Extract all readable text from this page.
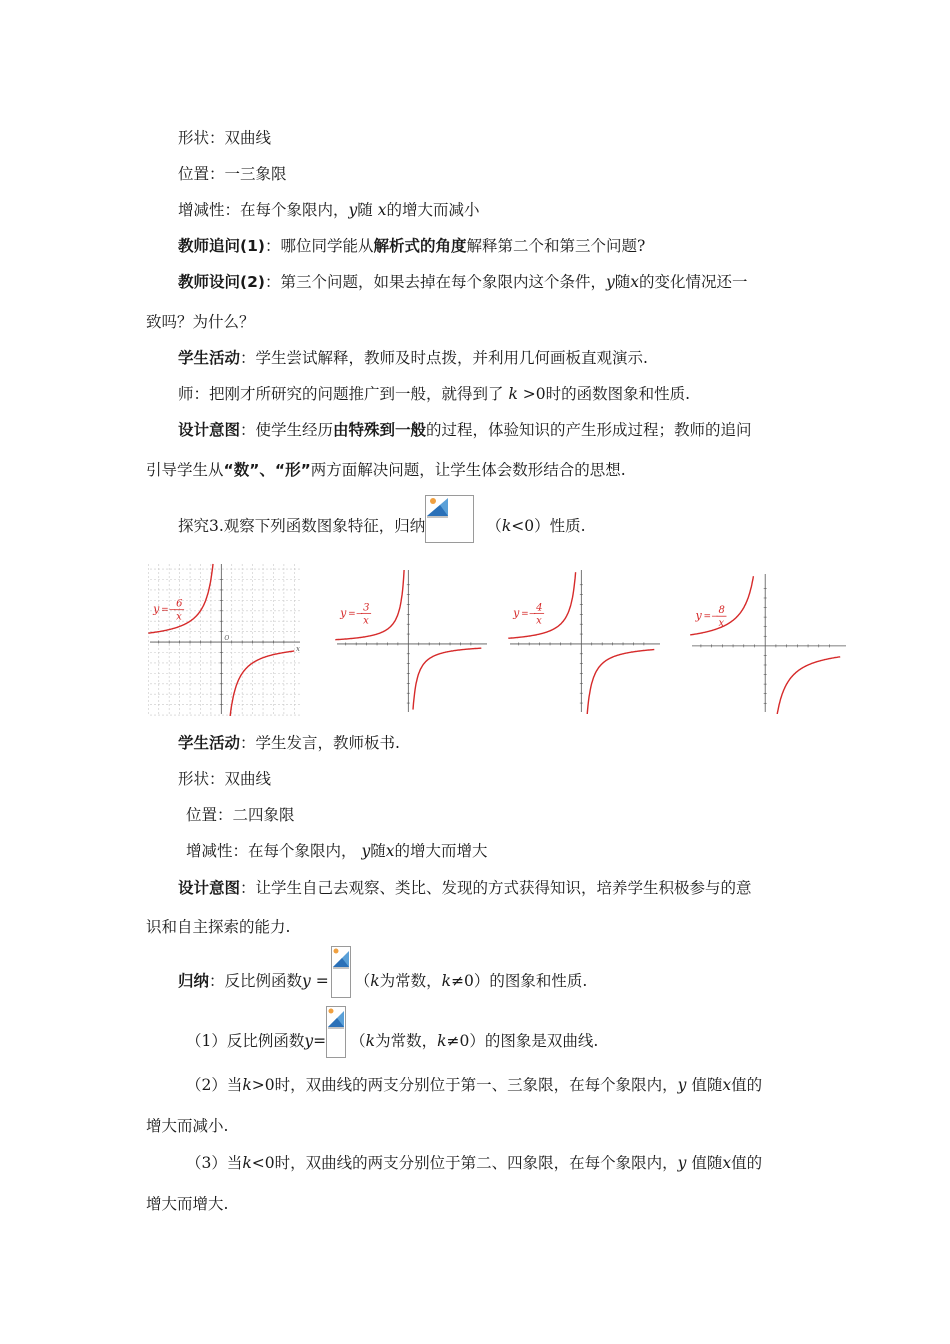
形状：双曲线
位置：一三象限
增减性：在每个象限内，y随 x的增大而减小
教师追问(1)：哪位同学能从解析式的角度解释第二个和第三个问题?
教师设问(2)：第三个问题，如果去掉在每个象限内这个条件，y随x的变化情况还一
致吗？为什么？
学生活动：学生尝试解释，教师及时点拨，并利用几何画板直观演示.
师：把刚才所研究的问题推广到一般，就得到了 k >0时的函数图象和性质.
设计意图：使学生经历由特殊到一般的过程，体验知识的产生形成过程；教师的追问
引导学生从“数”、“形”两方面解决问题，让学生体会数形结合的思想.
探究3.观察下列函数图象特征，归纳	（k<0）性质.
O
x
y =−
6
x	y =−
3
x
y =−
4
x	y =−
8
x
学生活动：学生发言，教师板书.
形状：双曲线
位置：二四象限
增减性：在每个象限内， y随x的增大而增大
设计意图：让学生自己去观察、类比、发现的方式获得知识，培养学生积极参与的意
识和自主探索的能力.
归纳：反比例函数y = （k为常数，k≠0）的图象和性质.
（1）反比例函数y= （k为常数，k≠0）的图象是双曲线.
（2）当k>0时，双曲线的两支分别位于第一、三象限，在每个象限内，y 值随x值的
增大而减小.
（3）当k<0时，双曲线的两支分别位于第二、四象限，在每个象限内，y 值随x值的
增大而增大.
